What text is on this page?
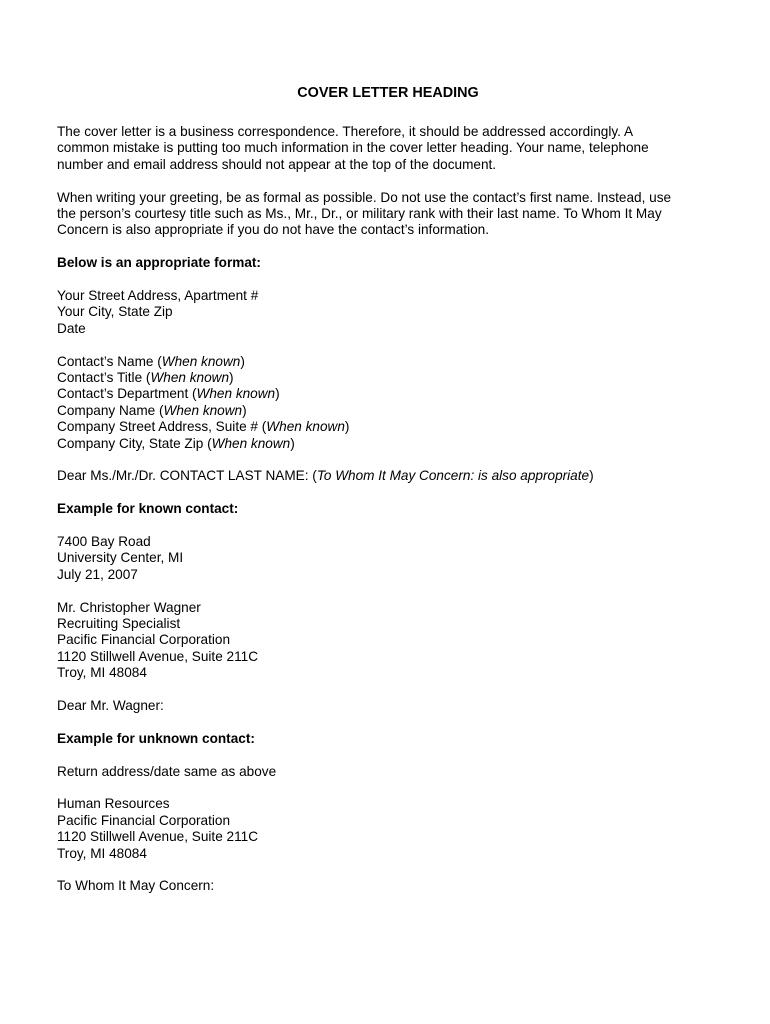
COVER LETTER HEADING
The cover letter is a business correspondence. Therefore, it should be addressed accordingly. A
common mistake is putting too much information in the cover letter heading. Your name, telephone
number and email address should not appear at the top of the document.
When writing your greeting, be as formal as possible. Do not use the contact’s first name. Instead, use
the person’s courtesy title such as Ms., Mr., Dr., or military rank with their last name. To Whom It May
Concern is also appropriate if you do not have the contact’s information.
Below is an appropriate format:
Your Street Address, Apartment #
Your City, State Zip
Date
Contact’s Name (When known)
Contact’s Title (When known)
Contact’s Department (When known)
Company Name (When known)
Company Street Address, Suite # (When known)
Company City, State Zip (When known)
Dear Ms./Mr./Dr. CONTACT LAST NAME: (To Whom It May Concern: is also appropriate)
Example for known contact:
7400 Bay Road
University Center, MI
July 21, 2007
Mr. Christopher Wagner
Recruiting Specialist
Pacific Financial Corporation
1120 Stillwell Avenue, Suite 211C
Troy, MI 48084
Dear Mr. Wagner:
Example for unknown contact:
Return address/date same as above
Human Resources
Pacific Financial Corporation
1120 Stillwell Avenue, Suite 211C
Troy, MI 48084
To Whom It May Concern:
